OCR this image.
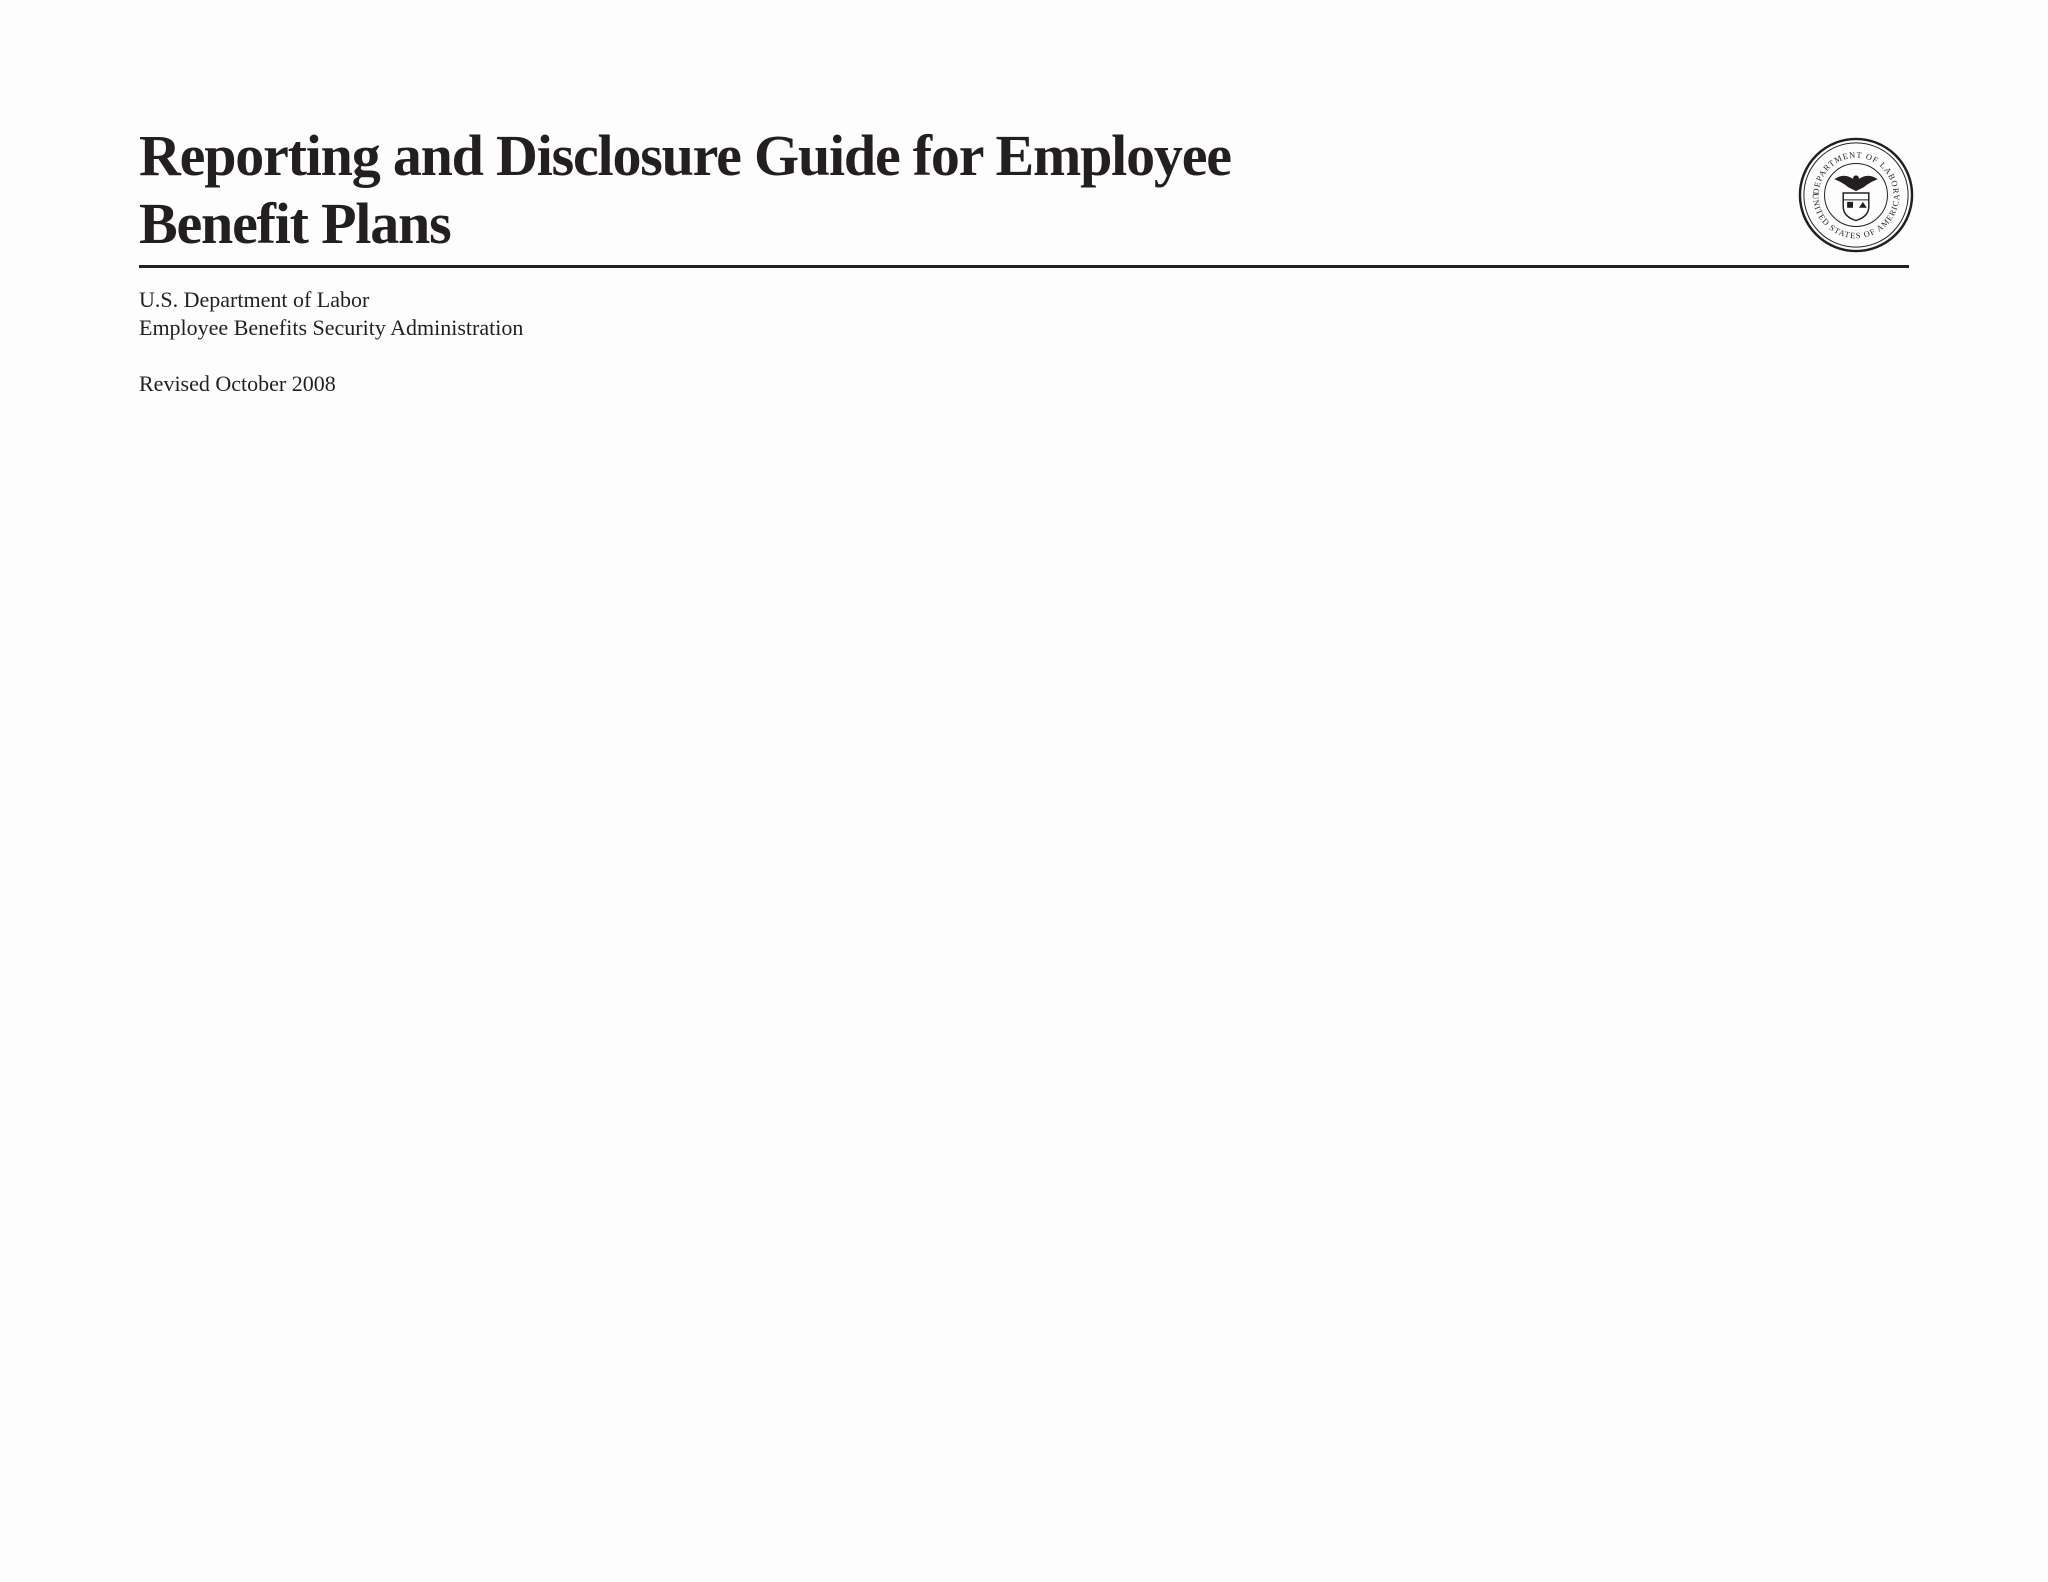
Reporting and Disclosure Guide for Employee
Benefit Plans	DEPARTMENT OF LABOR
UNITED STATES OF AMERICA
U.S. Department of Labor
Employee Benefits Security Administration
Revised October 2008
